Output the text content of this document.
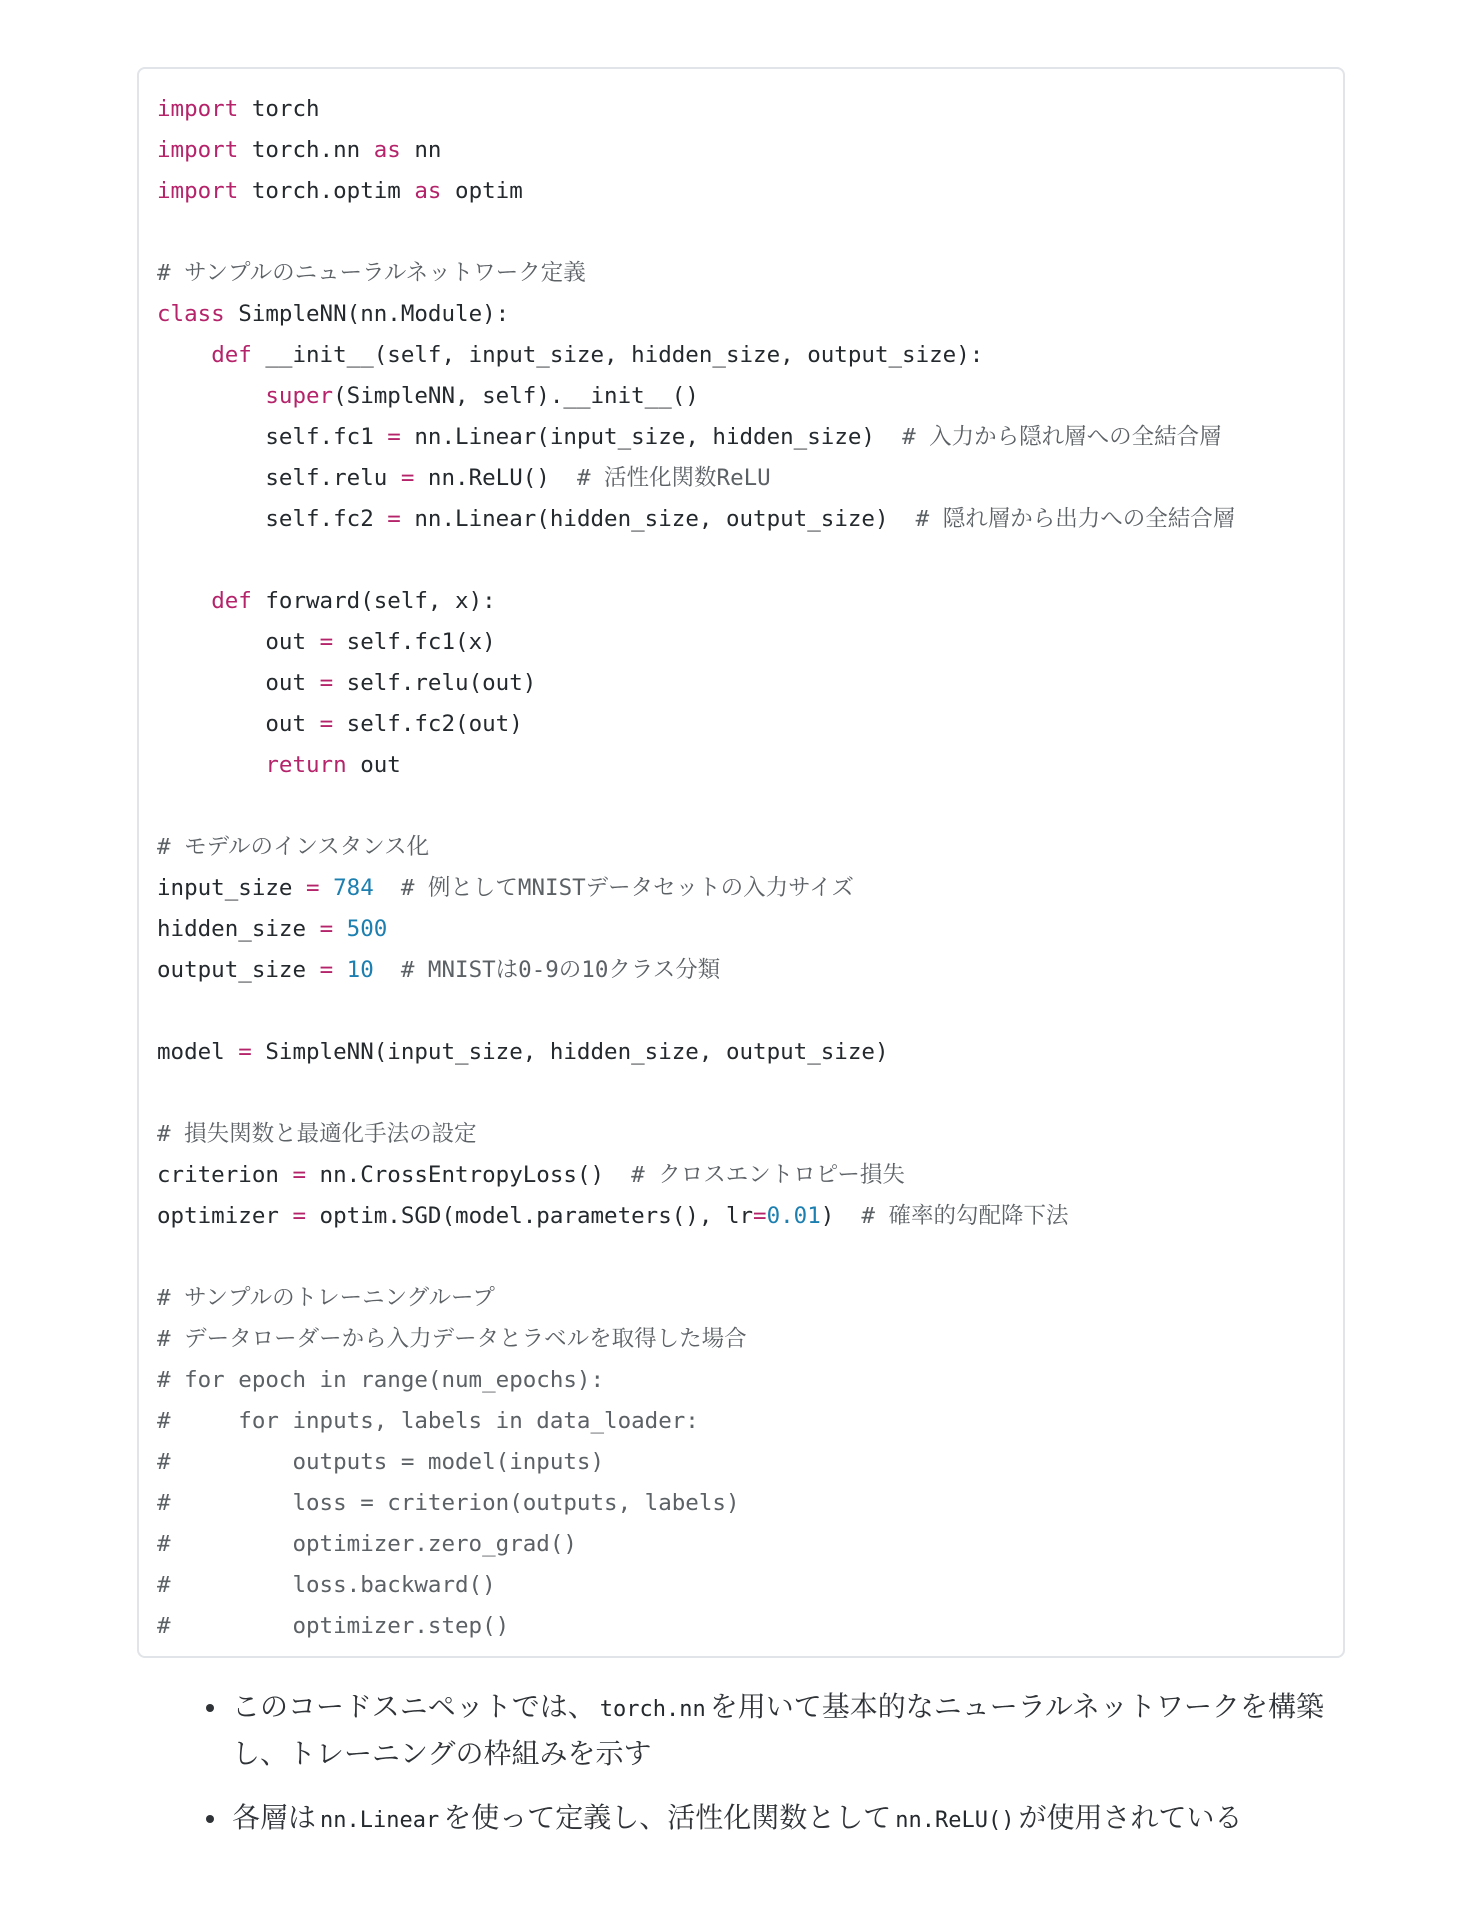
import torch
import torch.nn as nn
import torch.optim as optim
# サンプルのニューラルネットワーク定義
class SimpleNN(nn.Module):
def __init__(self, input_size, hidden_size, output_size):
super(SimpleNN, self).__init__()
self.fc1 = nn.Linear(input_size, hidden_size)  # 入力から隠れ層への全結合層
self.relu = nn.ReLU()  # 活性化関数ReLU
self.fc2 = nn.Linear(hidden_size, output_size)  # 隠れ層から出力への全結合層
def forward(self, x):
out = self.fc1(x)
out = self.relu(out)
out = self.fc2(out)
return out
# モデルのインスタンス化
input_size = 784 # 例としてMNISTデータセットの入力サイズ
hidden_size = 500
output_size = 10 # MNISTは0-9の10クラス分類
model = SimpleNN(input_size, hidden_size, output_size)
# 損失関数と最適化手法の設定
criterion = nn.CrossEntropyLoss()  # クロスエントロピー損失
optimizer = optim.SGD(model.parameters(), lr=0.01)  # 確率的勾配降下法
# サンプルのトレーニングループ
# データローダーから入力データとラベルを取得した場合
# for epoch in range(num_epochs):
#     for inputs, labels in data_loader:
#         outputs = model(inputs)
#         loss = criterion(outputs, labels)
#         optimizer.zero_grad()
#         loss.backward()
#         optimizer.step()
このコードスニペットでは、 torch.nn を用いて基本的なニューラルネットワークを構築し、トレーニングの枠組みを示す
各層は nn.Linear を使って定義し、活性化関数として nn.ReLU() が使用されている
